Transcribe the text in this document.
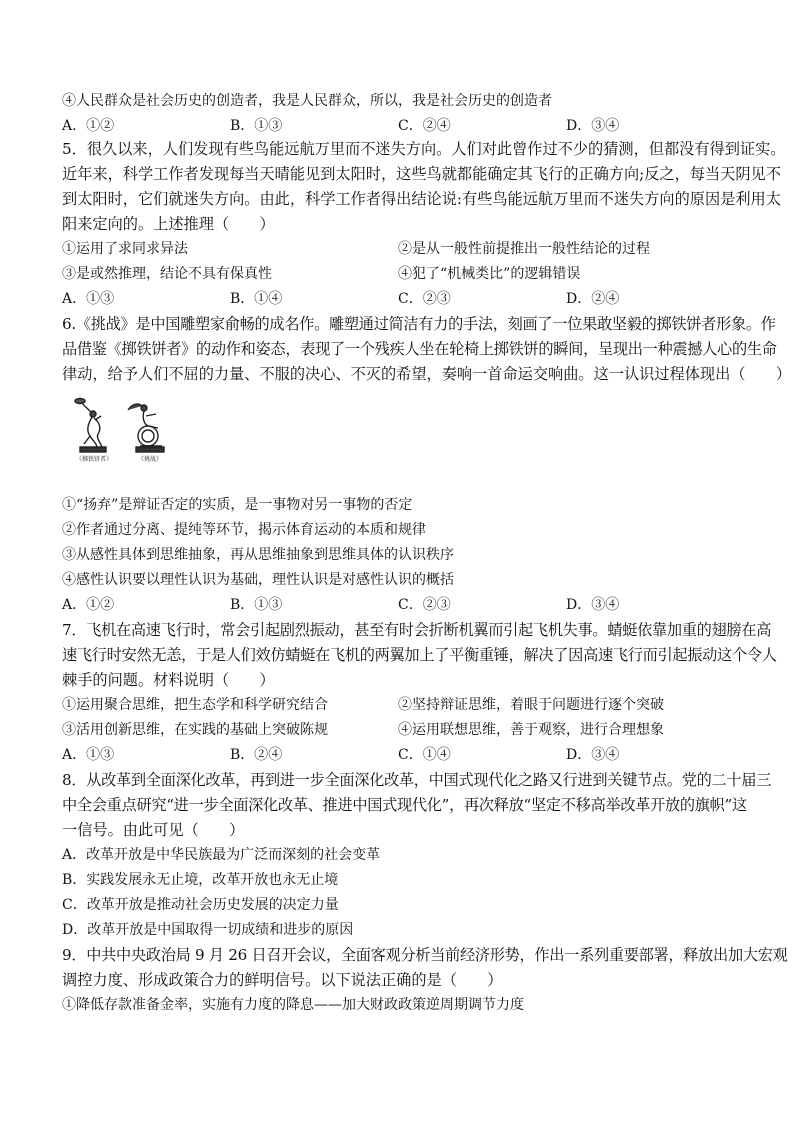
④人民群众是社会历史的创造者，我是人民群众，所以，我是社会历史的创造者
A．①②	B．①③	C．②④	D．③④
5．很久以来，人们发现有些鸟能远航万里而不迷失方向。人们对此曾作过不少的猜测，但都没有得到证实。
近年来，科学工作者发现每当天晴能见到太阳时，这些鸟就都能确定其飞行的正确方向;反之，每当天阴见不
到太阳时，它们就迷失方向。由此，科学工作者得出结论说:有些鸟能远航万里而不迷失方向的原因是利用太
阳来定向的。上述推理（　　）
①运用了求同求异法	②是从一般性前提推出一般性结论的过程
③是或然推理，结论不具有保真性	④犯了“机械类比”的逻辑错误
A．①③	B．①④	C．②③	D．②④
6.《挑战》是中国雕塑家俞畅的成名作。雕塑通过简洁有力的手法，刻画了一位果敢坚毅的掷铁饼者形象。作
品借鉴《掷铁饼者》的动作和姿态，表现了一个残疾人坐在轮椅上掷铁饼的瞬间，呈现出一种震撼人心的生命
律动，给予人们不屈的力量、不服的决心、不灭的希望，奏响一首命运交响曲。这一认识过程体现出（　　）
《掷铁饼者》	《挑战》
①“扬弃”是辩证否定的实质，是一事物对另一事物的否定
②作者通过分离、提纯等环节，揭示体育运动的本质和规律
③从感性具体到思维抽象，再从思维抽象到思维具体的认识秩序
④感性认识要以理性认识为基础，理性认识是对感性认识的概括
A．①②	B．①③	C．②③	D．③④
7．飞机在高速飞行时，常会引起剧烈振动，甚至有时会折断机翼而引起飞机失事。蜻蜓依靠加重的翅膀在高
速飞行时安然无恙，于是人们效仿蜻蜓在飞机的两翼加上了平衡重锤，解决了因高速飞行而引起振动这个令人
棘手的问题。材料说明（　　）
①运用聚合思维，把生态学和科学研究结合	②坚持辩证思维，着眼于问题进行逐个突破
③活用创新思维，在实践的基础上突破陈规	④运用联想思维，善于观察，进行合理想象
A．①③	B．②④	C．①④	D．③④
8．从改革到全面深化改革，再到进一步全面深化改革，中国式现代化之路又行进到关键节点。党的二十届三
中全会重点研究“进一步全面深化改革、推进中国式现代化”，再次释放“坚定不移高举改革开放的旗帜”这
一信号。由此可见（　　）
A．改革开放是中华民族最为广泛而深刻的社会变革
B．实践发展永无止境，改革开放也永无止境
C．改革开放是推动社会历史发展的决定力量
D．改革开放是中国取得一切成绩和进步的原因
9．中共中央政治局 9 月 26 日召开会议，全面客观分析当前经济形势，作出一系列重要部署，释放出加大宏观
调控力度、形成政策合力的鲜明信号。以下说法正确的是（　　）
①降低存款准备金率，实施有力度的降息——加大财政政策逆周期调节力度
